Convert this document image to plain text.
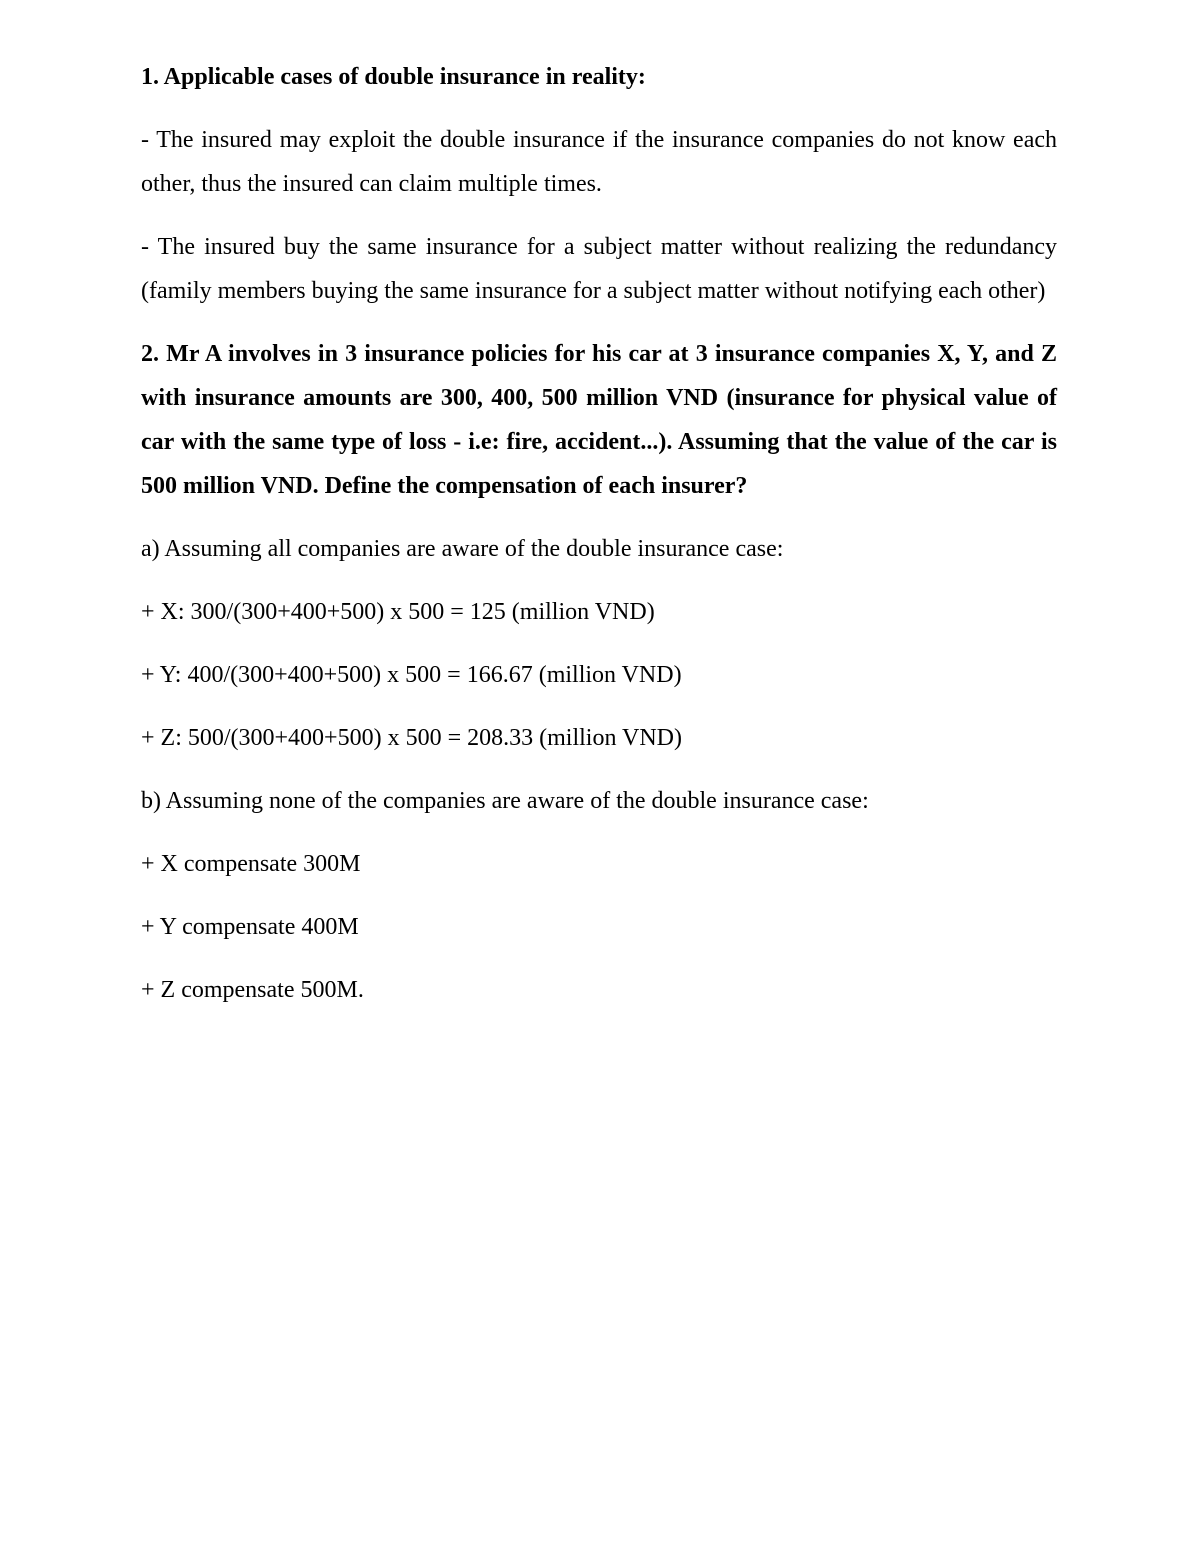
1. Applicable cases of double insurance in reality:

- The insured may exploit the double insurance if the insurance companies do not know each other, thus the insured can claim multiple times.

- The insured buy the same insurance for a subject matter without realizing the redundancy (family members buying the same insurance for a subject matter without notifying each other)

2. Mr A involves in 3 insurance policies for his car at 3 insurance companies X, Y, and Z with insurance amounts are 300, 400, 500 million VND (insurance for physical value of car with the same type of loss - i.e: fire, accident...). Assuming that the value of the car is 500 million VND. Define the compensation of each insurer?

a) Assuming all companies are aware of the double insurance case:

+ X: 300/(300+400+500) x 500 = 125 (million VND)

+ Y: 400/(300+400+500) x 500 = 166.67 (million VND)

+ Z: 500/(300+400+500) x 500 = 208.33 (million VND)

b) Assuming none of the companies are aware of the double insurance case:

+ X compensate 300M

+ Y compensate 400M

+ Z compensate 500M.
